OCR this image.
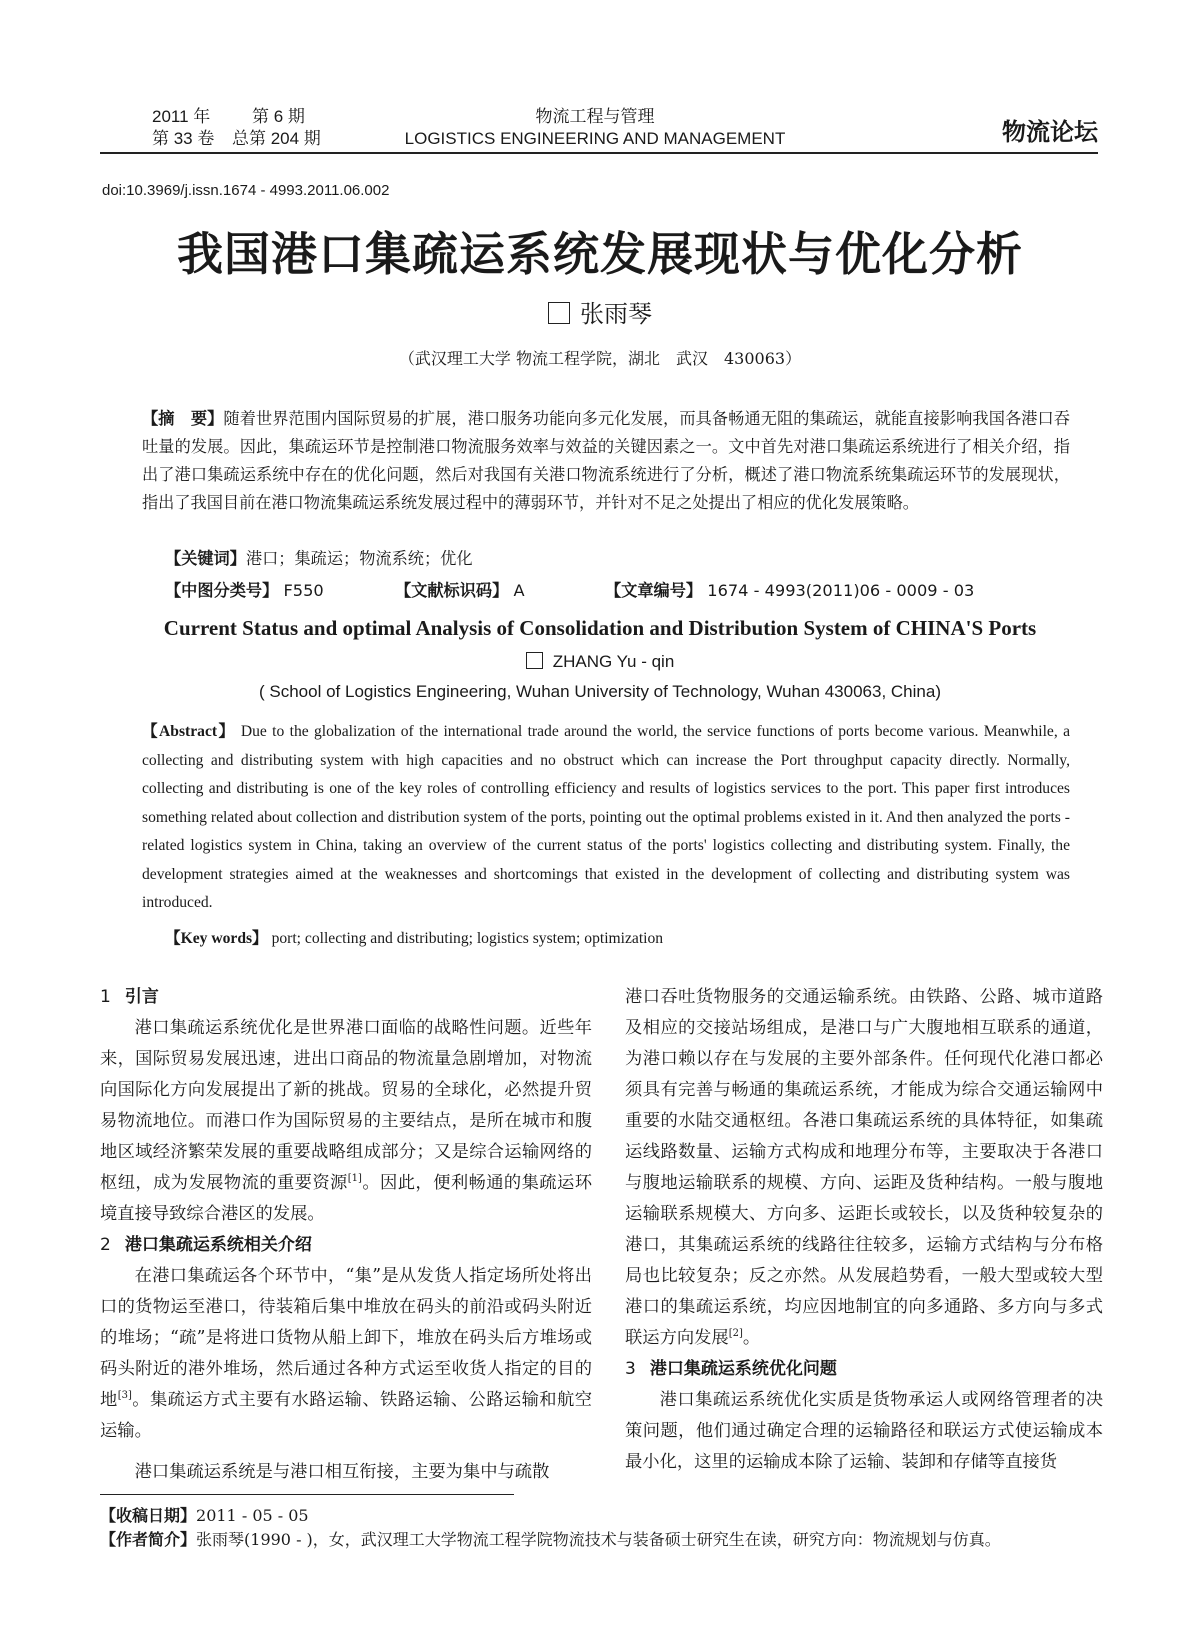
2011 年 第 6 期
第 33 卷 总第 204 期
物流工程与管理
LOGISTICS ENGINEERING AND MANAGEMENT	物流论坛
doi:10.3969/j.issn.1674 - 4993.2011.06.002
我国港口集疏运系统发展现状与优化分析
张雨琴
（武汉理工大学 物流工程学院，湖北　武汉　430063）
【摘　要】随着世界范围内国际贸易的扩展，港口服务功能向多元化发展，而具备畅通无阻的集疏运，就能直接影响我国各港口吞吐量的发展。因此，集疏运环节是控制港口物流服务效率与效益的关键因素之一。文中首先对港口集疏运系统进行了相关介绍，指出了港口集疏运系统中存在的优化问题，然后对我国有关港口物流系统进行了分析，概述了港口物流系统集疏运环节的发展现状，指出了我国目前在港口物流集疏运系统发展过程中的薄弱环节，并针对不足之处提出了相应的优化发展策略。
【关键词】港口；集疏运；物流系统；优化
【中图分类号】 F550	【文献标识码】 A	【文章编号】 1674 - 4993(2011)06 - 0009 - 03
Current Status and optimal Analysis of Consolidation and Distribution System of CHINA'S Ports
ZHANG Yu - qin
( School of Logistics Engineering, Wuhan University of Technology, Wuhan 430063, China)
【Abstract】 Due to the globalization of the international trade around the world, the service functions of ports become various. Meanwhile, a collecting and distributing system with high capacities and no obstruct which can increase the Port throughput capacity directly. Normally, collecting and distributing is one of the key roles of controlling efficiency and results of logistics services to the port. This paper first introduces something related about collection and distribution system of the ports, pointing out the optimal problems existed in it. And then analyzed the ports - related logistics system in China, taking an overview of the current status of the ports' logistics collecting and distributing system. Finally, the development strategies aimed at the weaknesses and shortcomings that existed in the development of collecting and distributing system was introduced.
【Key words】 port; collecting and distributing; logistics system; optimization
1 引言

港口集疏运系统优化是世界港口面临的战略性问题。近些年来，国际贸易发展迅速，进出口商品的物流量急剧增加，对物流向国际化方向发展提出了新的挑战。贸易的全球化，必然提升贸易物流地位。而港口作为国际贸易的主要结点，是所在城市和腹地区域经济繁荣发展的重要战略组成部分；又是综合运输网络的枢纽，成为发展物流的重要资源[1]。因此，便利畅通的集疏运环境直接导致综合港区的发展。

2 港口集疏运系统相关介绍

在港口集疏运各个环节中，“集”是从发货人指定场所处将出口的货物运至港口，待装箱后集中堆放在码头的前沿或码头附近的堆场；“疏”是将进口货物从船上卸下，堆放在码头后方堆场或码头附近的港外堆场，然后通过各种方式运至收货人指定的目的地[3]。集疏运方式主要有水路运输、铁路运输、公路运输和航空运输。

港口集疏运系统是与港口相互衔接，主要为集中与疏散

港口吞吐货物服务的交通运输系统。由铁路、公路、城市道路及相应的交接站场组成，是港口与广大腹地相互联系的通道，为港口赖以存在与发展的主要外部条件。任何现代化港口都必须具有完善与畅通的集疏运系统，才能成为综合交通运输网中重要的水陆交通枢纽。各港口集疏运系统的具体特征，如集疏运线路数量、运输方式构成和地理分布等，主要取决于各港口与腹地运输联系的规模、方向、运距及货种结构。一般与腹地运输联系规模大、方向多、运距长或较长，以及货种较复杂的港口，其集疏运系统的线路往往较多，运输方式结构与分布格局也比较复杂；反之亦然。从发展趋势看，一般大型或较大型港口的集疏运系统，均应因地制宜的向多通路、多方向与多式联运方向发展[2]。

3 港口集疏运系统优化问题

港口集疏运系统优化实质是货物承运人或网络管理者的决策问题，他们通过确定合理的运输路径和联运方式使运输成本最小化，这里的运输成本除了运输、装卸和存储等直接货

【收稿日期】2011 - 05 - 05
【作者简介】张雨琴(1990 - )，女，武汉理工大学物流工程学院物流技术与装备硕士研究生在读，研究方向：物流规划与仿真。
